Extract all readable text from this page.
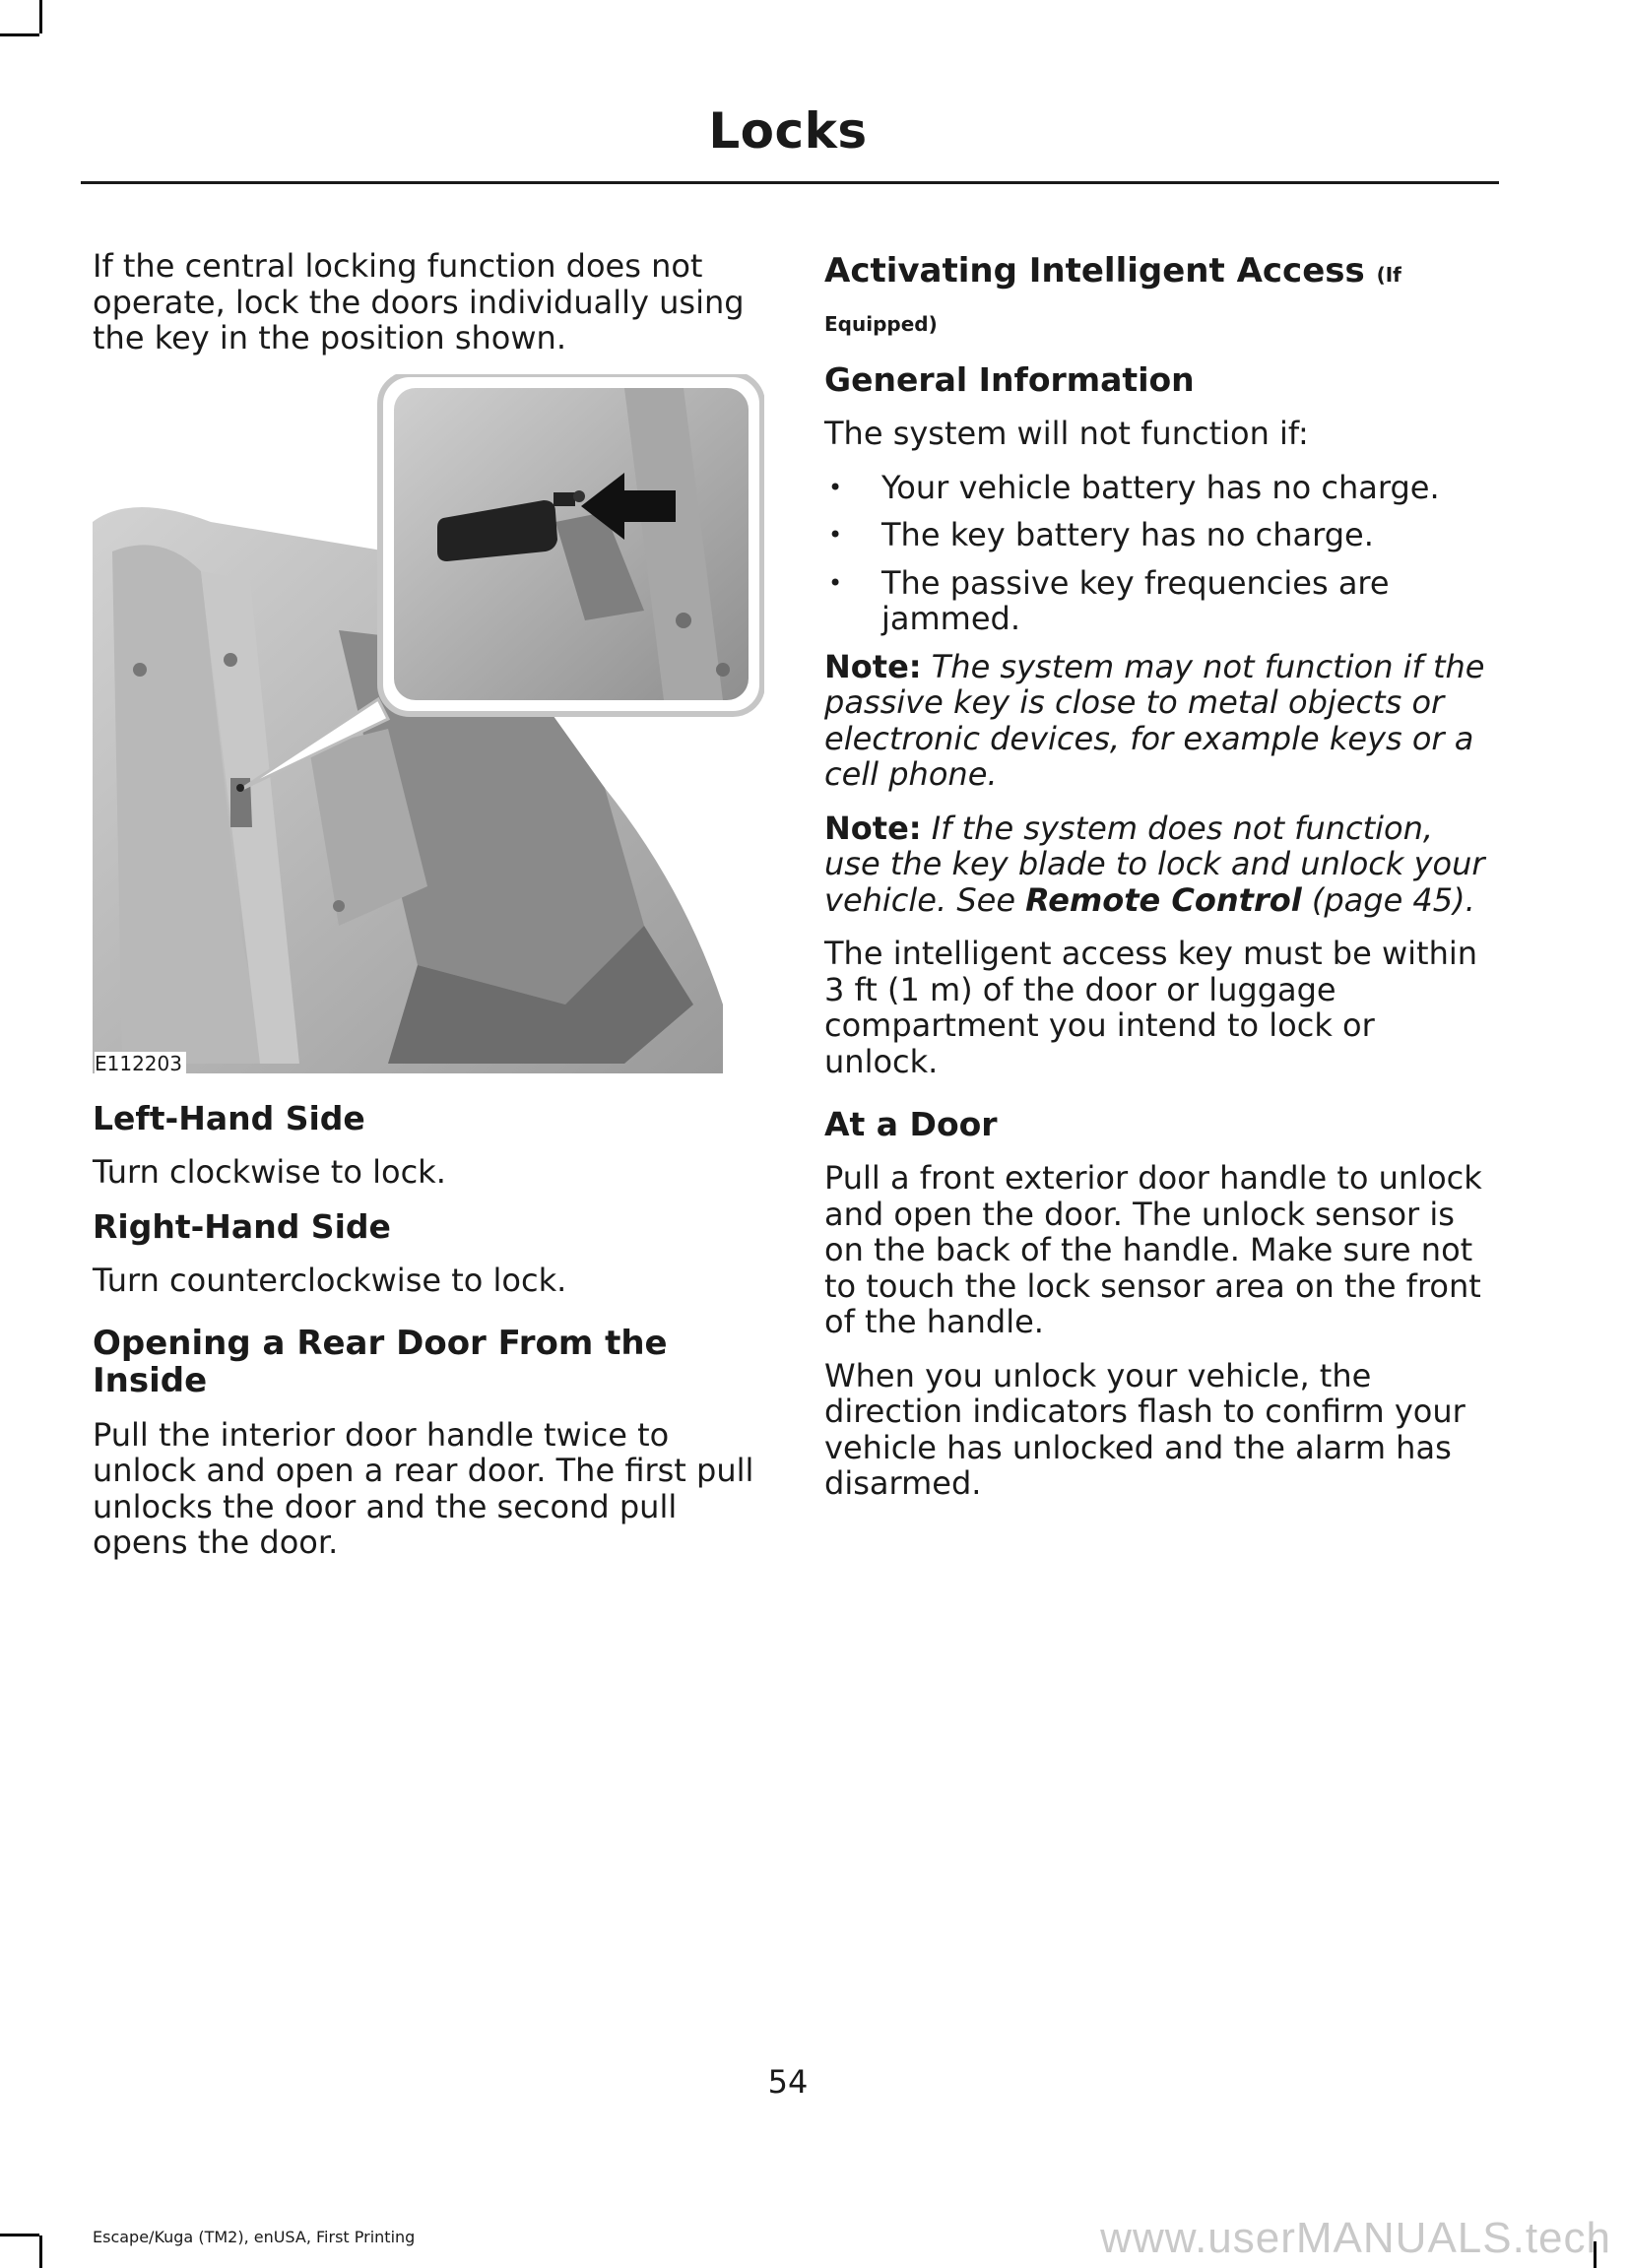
Locks

If the central locking function does not operate, lock the doors individually using the key in the position shown.

E112203
Left-Hand Side

Turn clockwise to lock.

Right-Hand Side

Turn counterclockwise to lock.

Opening a Rear Door From the Inside

Pull the interior door handle twice to unlock and open a rear door. The first pull unlocks the door and the second pull opens the door.

Activating Intelligent Access (If Equipped)
General Information

The system will not function if:

• Your vehicle battery has no charge.
• The key battery has no charge.
• The passive key frequencies are jammed.

Note: The system may not function if the passive key is close to metal objects or electronic devices, for example keys or a cell phone.

Note: If the system does not function, use the key blade to lock and unlock your vehicle. See Remote Control (page 45).

The intelligent access key must be within 3 ft (1 m) of the door or luggage compartment you intend to lock or unlock.

At a Door

Pull a front exterior door handle to unlock and open the door. The unlock sensor is on the back of the handle. Make sure not to touch the lock sensor area on the front of the handle.

When you unlock your vehicle, the direction indicators flash to confirm your vehicle has unlocked and the alarm has disarmed.

54
Escape/Kuga (TM2), enUSA, First Printing	www.userMANUALS.tech
